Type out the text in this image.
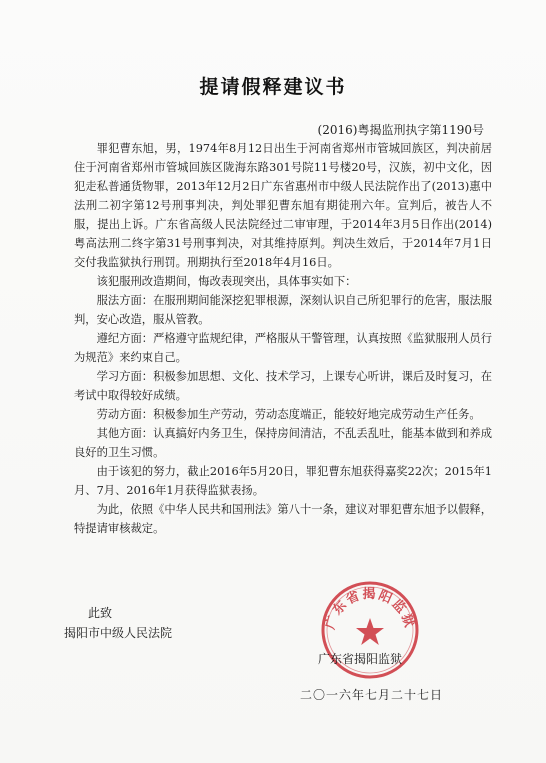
提请假释建议书
(2016)粤揭监刑执字第1190号

罪犯曹东旭，男，1974年8月12日出生于河南省郑州市管城回族区，判决前居住于河南省郑州市管城回族区陇海东路301号院11号楼20号，汉族，初中文化，因犯走私普通货物罪，2013年12月2日广东省惠州市中级人民法院作出了(2013)惠中法刑二初字第12号刑事判决，判处罪犯曹东旭有期徒刑六年。宣判后，被告人不服，提出上诉。广东省高级人民法院经过二审审理，于2014年3月5日作出(2014)粤高法刑二终字第31号刑事判决，对其维持原判。判决生效后，于2014年7月1日交付我监狱执行刑罚。刑期执行至2018年4月16日。

该犯服刑改造期间，悔改表现突出，具体事实如下：

服法方面：在服刑期间能深挖犯罪根源，深刻认识自己所犯罪行的危害，服法服判，安心改造，服从管教。

遵纪方面：严格遵守监规纪律，严格服从干警管理，认真按照《监狱服刑人员行为规范》来约束自己。

学习方面：积极参加思想、文化、技术学习，上课专心听讲，课后及时复习，在考试中取得较好成绩。

劳动方面：积极参加生产劳动，劳动态度端正，能较好地完成劳动生产任务。

其他方面：认真搞好内务卫生，保持房间清洁，不乱丢乱吐，能基本做到和养成良好的卫生习惯。

由于该犯的努力，截止2016年5月20日，罪犯曹东旭获得嘉奖22次；2015年1月、7月、2016年1月获得监狱表扬。

为此，依照《中华人民共和国刑法》第八十一条，建议对罪犯曹东旭予以假释，特提请审核裁定。

此致
揭阳市中级人民法院
广东省揭阳监狱
广东省揭阳监狱
二〇一六年七月二十七日
